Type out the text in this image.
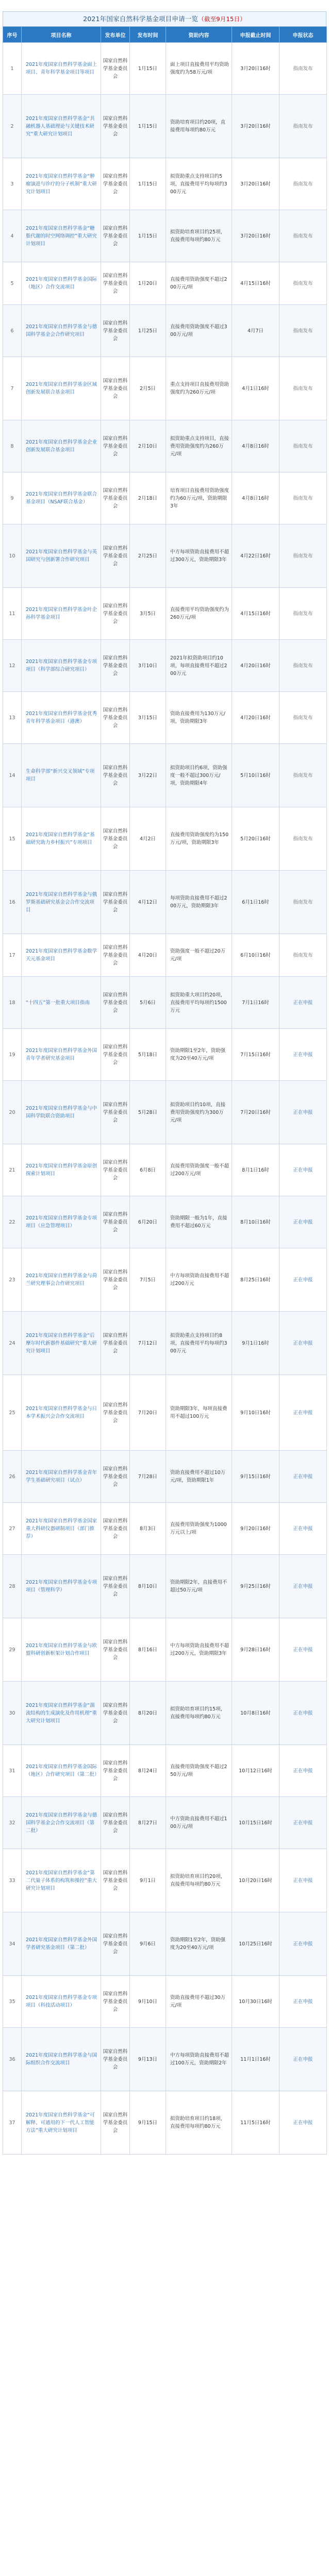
2021年国家自然科学基金项目申请一览（截至9月15日）
序号	项目名称	发布单位	发布时间	资助内容	申报截止时间	申报状态
1	2021年度国家自然科学基金面上项目、青年科学基金项目等项目	国家自然科学基金委员会	1月15日	面上项目直接费用平均资助强度约为58万元/项	3月20日16时	指南发布
2	2021年度国家自然科学基金“共融机器人基础理论与关键技术研究”重大研究计划项目	国家自然科学基金委员会	1月15日	资助培育项目约20项，直接费用每项约80万元	3月20日16时	指南发布
3	2021年度国家自然科学基金“肿瘤演进与诊疗的分子机制”重大研究计划项目	国家自然科学基金委员会	1月15日	拟资助重点支持项目约5项，直接费用平均每项约300万元	3月20日16时	指南发布
4	2021年度国家自然科学基金“糖脂代谢的时空网络调控”重大研究计划项目	国家自然科学基金委员会	1月15日	拟资助培育项目约25项，直接费用每项约80万元	3月20日16时	指南发布
5	2021年度国家自然科学基金国际（地区）合作交流项目	国家自然科学基金委员会	1月20日	直接费用资助强度不超过200万元/项	4月15日16时	指南发布
6	2021年度国家自然科学基金与德国科学基金会合作研究项目	国家自然科学基金委员会	1月25日	直接费用资助强度不超过300万元/项	4月7日	指南发布
7	2021年度国家自然科学基金区域创新发展联合基金项目	国家自然科学基金委员会	2月5日	重点支持项目直接费用资助强度约为260万元/项	4月1日16时	指南发布
8	2021年度国家自然科学基金企业创新发展联合基金项目	国家自然科学基金委员会	2月10日	拟资助重点支持项目，直接费用资助强度约为260万元/项	4月8日16时	指南发布
9	2021年度国家自然科学基金联合基金项目（NSAF联合基金）	国家自然科学基金委员会	2月18日	培育项目直接费用资助强度约为60万元/项，资助期限3年	4月8日16时	指南发布
10	2021年度国家自然科学基金与英国研究与创新署合作研究项目	国家自然科学基金委员会	2月25日	中方每项资助直接费用不超过300万元，资助期限3年	4月22日16时	指南发布
11	2021年度国家自然科学基金叶企孙科学基金项目	国家自然科学基金委员会	3月5日	直接费用平均资助强度约为260万元/项	4月15日16时	指南发布
12	2021年度国家自然科学基金专项项目（科学部综合研究项目）	国家自然科学基金委员会	3月10日	2021年拟资助项目约10项，每项直接费用不超过200万元	4月20日16时	指南发布
13	2021年度国家自然科学基金优秀青年科学基金项目（港澳）	国家自然科学基金委员会	3月15日	资助直接费用为130万元/项，资助期限3年	4月20日16时	指南发布
14	生命科学部“新兴交叉领域”专项项目	国家自然科学基金委员会	3月22日	拟资助项目约6项，资助强度一般不超过300万元/项，资助期限4年	5月10日16时	指南发布
15	2021年度国家自然科学基金“基础研究助力乡村振兴”专项项目	国家自然科学基金委员会	4月2日	直接费用资助强度约为150万元/项，资助期限3年	5月20日16时	指南发布
16	2021年度国家自然科学基金与俄罗斯基础研究基金会合作交流项目	国家自然科学基金委员会	4月12日	每项资助直接费用不超过200万元，资助期限3年	6月1日16时	指南发布
17	2021年度国家自然科学基金数学天元基金项目	国家自然科学基金委员会	4月20日	资助强度一般不超过20万元/项	6月10日16时	指南发布
18	“十四五”第一批重大项目指南	国家自然科学基金委员会	5月6日	拟资助重大项目约20项，直接费用平均每项约1500万元	7月1日16时	正在申报
19	2021年度国家自然科学基金外国青年学者研究基金项目	国家自然科学基金委员会	5月18日	资助期限1至2年，资助强度为20至40万元/项	7月15日16时	正在申报
20	2021年度国家自然科学基金与中国科学院联合资助项目	国家自然科学基金委员会	5月28日	拟资助项目约10项，直接费用资助强度约为300万元/项	7月20日16时	正在申报
21	2021年度国家自然科学基金原创探索计划项目	国家自然科学基金委员会	6月8日	直接费用资助强度一般不超过200万元/项	8月1日16时	正在申报
22	2021年度国家自然科学基金专项项目（应急管理项目）	国家自然科学基金委员会	6月20日	资助期限一般为1年，直接费用不超过60万元	8月10日16时	正在申报
23	2021年度国家自然科学基金与荷兰研究理事会合作研究项目	国家自然科学基金委员会	7月5日	中方每项资助直接费用不超过200万元	8月25日16时	正在申报
24	2021年度国家自然科学基金“后摩尔时代新器件基础研究”重大研究计划项目	国家自然科学基金委员会	7月12日	拟资助重点支持项目约8项，直接费用平均每项约300万元	9月1日16时	正在申报
25	2021年度国家自然科学基金与日本学术振兴会合作交流项目	国家自然科学基金委员会	7月20日	资助期限3年，每项直接费用不超过100万元	9月10日16时	正在申报
26	2021年度国家自然科学基金青年学生基础研究项目（试点）	国家自然科学基金委员会	7月28日	资助直接费用不超过10万元/项，资助期限1年	9月15日16时	正在申报
27	2021年度国家自然科学基金国家重大科研仪器研制项目（部门推荐）	国家自然科学基金委员会	8月3日	直接费用资助强度为1000万元以上/项	9月20日16时	正在申报
28	2021年度国家自然科学基金专项项目（管理科学）	国家自然科学基金委员会	8月10日	资助期限2年，直接费用不超过50万元/项	9月25日16时	正在申报
29	2021年度国家自然科学基金与欧盟科研创新框架计划合作项目	国家自然科学基金委员会	8月16日	中方每项资助直接费用不超过200万元，资助期限3年	9月28日16时	正在申报
30	2021年度国家自然科学基金“湍流结构的生成演化及作用机理”重大研究计划项目	国家自然科学基金委员会	8月20日	拟资助培育项目约15项，直接费用每项约80万元	10月8日16时	正在申报
31	2021年度国家自然科学基金国际（地区）合作研究项目（第二批）	国家自然科学基金委员会	8月24日	直接费用资助强度不超过250万元/项	10月12日16时	正在申报
32	2021年度国家自然科学基金与德国科学基金会合作交流项目（第二批）	国家自然科学基金委员会	8月27日	中方资助直接费用不超过100万元/项	10月15日16时	正在申报
33	2021年度国家自然科学基金“第二代量子体系的构筑和操控”重大研究计划项目	国家自然科学基金委员会	9月1日	拟资助培育项目约20项，直接费用每项约80万元	10月20日16时	正在申报
34	2021年度国家自然科学基金外国学者研究基金项目（第二批）	国家自然科学基金委员会	9月6日	资助期限1至2年，资助强度为20至40万元/项	10月25日16时	正在申报
35	2021年度国家自然科学基金专项项目（科技活动项目）	国家自然科学基金委员会	9月10日	资助直接费用不超过30万元/项	10月30日16时	正在申报
36	2021年度国家自然科学基金与国际组织合作交流项目	国家自然科学基金委员会	9月13日	中方每项资助直接费用不超过100万元，资助期限2年	11月1日16时	正在申报
37	2021年度国家自然科学基金“可解释、可通用的下一代人工智能方法”重大研究计划项目	国家自然科学基金委员会	9月15日	拟资助培育项目约18项，直接费用每项约80万元	11月5日16时	正在申报
